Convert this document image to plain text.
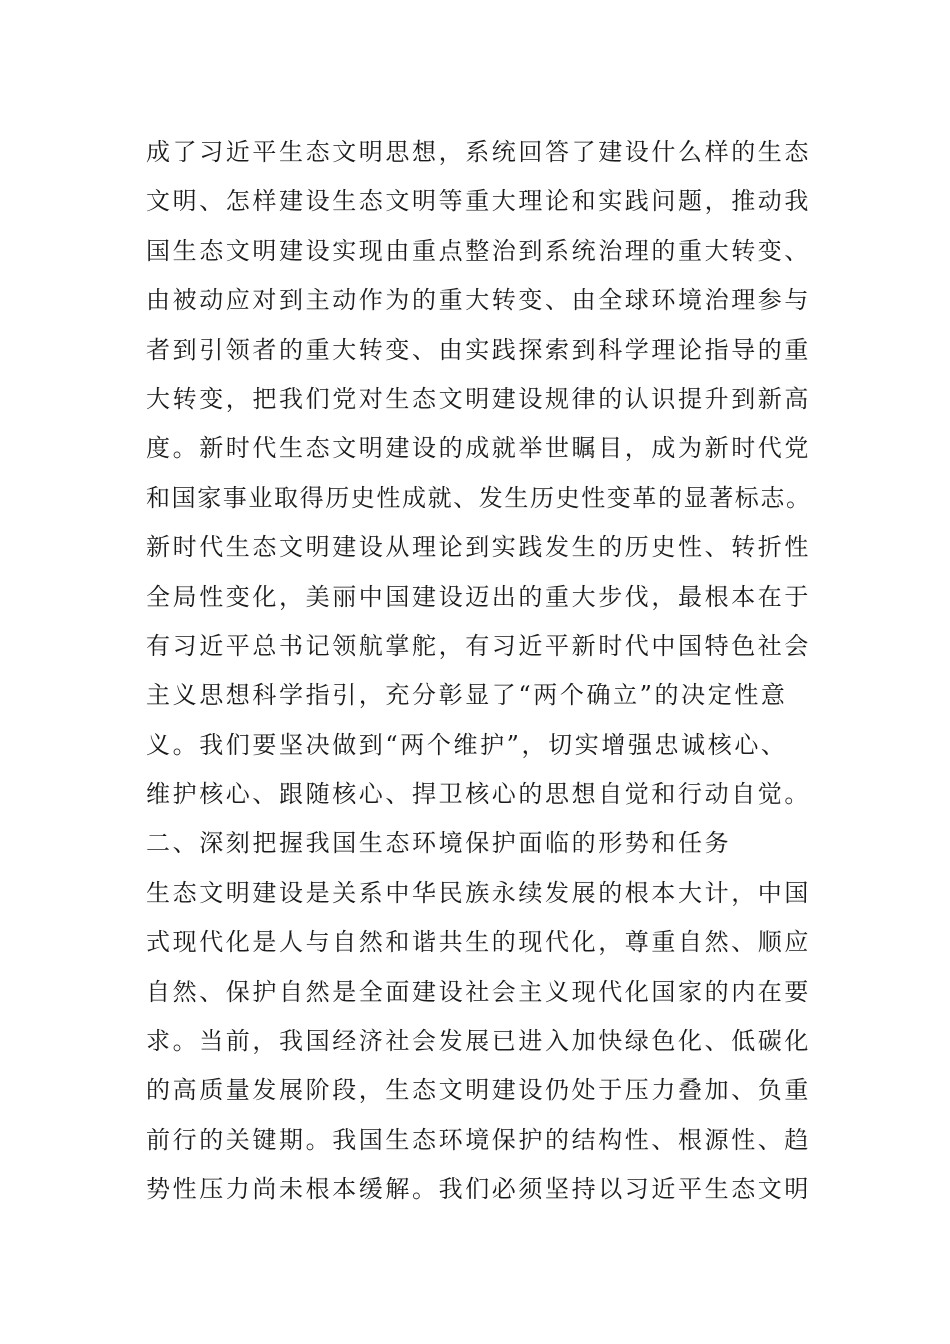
成了习近平生态文明思想，系统回答了建设什么样的生态
文明、怎样建设生态文明等重大理论和实践问题，推动我
国生态文明建设实现由重点整治到系统治理的重大转变、
由被动应对到主动作为的重大转变、由全球环境治理参与
者到引领者的重大转变、由实践探索到科学理论指导的重
大转变，把我们党对生态文明建设规律的认识提升到新高
度。新时代生态文明建设的成就举世瞩目，成为新时代党
和国家事业取得历史性成就、发生历史性变革的显著标志。
新时代生态文明建设从理论到实践发生的历史性、转折性
全局性变化，美丽中国建设迈出的重大步伐，最根本在于
有习近平总书记领航掌舵，有习近平新时代中国特色社会
主义思想科学指引，充分彰显了“两个确立”的决定性意
义。我们要坚决做到“两个维护”，切实增强忠诚核心、
维护核心、跟随核心、捍卫核心的思想自觉和行动自觉。
二、深刻把握我国生态环境保护面临的形势和任务
生态文明建设是关系中华民族永续发展的根本大计，中国
式现代化是人与自然和谐共生的现代化，尊重自然、顺应
自然、保护自然是全面建设社会主义现代化国家的内在要
求。当前，我国经济社会发展已进入加快绿色化、低碳化
的高质量发展阶段，生态文明建设仍处于压力叠加、负重
前行的关键期。我国生态环境保护的结构性、根源性、趋
势性压力尚未根本缓解。我们必须坚持以习近平生态文明
